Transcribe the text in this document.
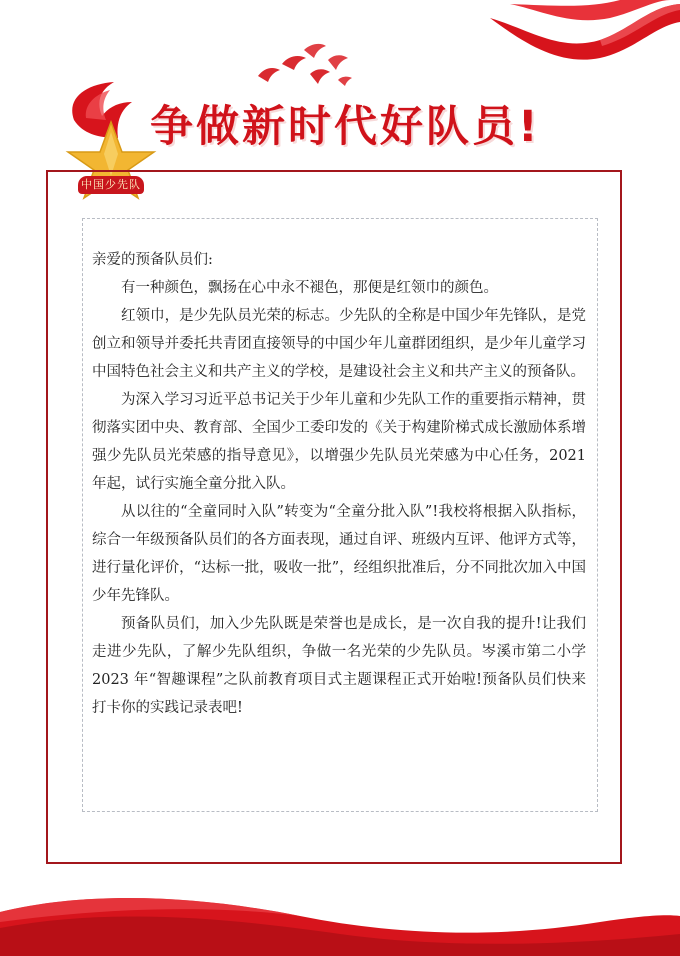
中国少先队
争做新时代好队员!

亲爱的预备队员们:

有一种颜色，飘扬在心中永不褪色，那便是红领巾的颜色。

红领巾，是少先队员光荣的标志。少先队的全称是中国少年先锋队，是党创立和领导并委托共青团直接领导的中国少年儿童群团组织，是少年儿童学习中国特色社会主义和共产主义的学校，是建设社会主义和共产主义的预备队。

为深入学习习近平总书记关于少年儿童和少先队工作的重要指示精神，贯彻落实团中央、教育部、全国少工委印发的《关于构建阶梯式成长激励体系增强少先队员光荣感的指导意见》，以增强少先队员光荣感为中心任务，2021 年起，试行实施全童分批入队。

从以往的“全童同时入队”转变为“全童分批入队”!我校将根据入队指标，综合一年级预备队员们的各方面表现，通过自评、班级内互评、他评方式等，进行量化评价，“达标一批，吸收一批”，经组织批准后，分不同批次加入中国少年先锋队。

预备队员们，加入少先队既是荣誉也是成长，是一次自我的提升!让我们走进少先队，了解少先队组织，争做一名光荣的少先队员。岑溪市第二小学2023 年“智趣课程”之队前教育项目式主题课程正式开始啦!预备队员们快来打卡你的实践记录表吧!
